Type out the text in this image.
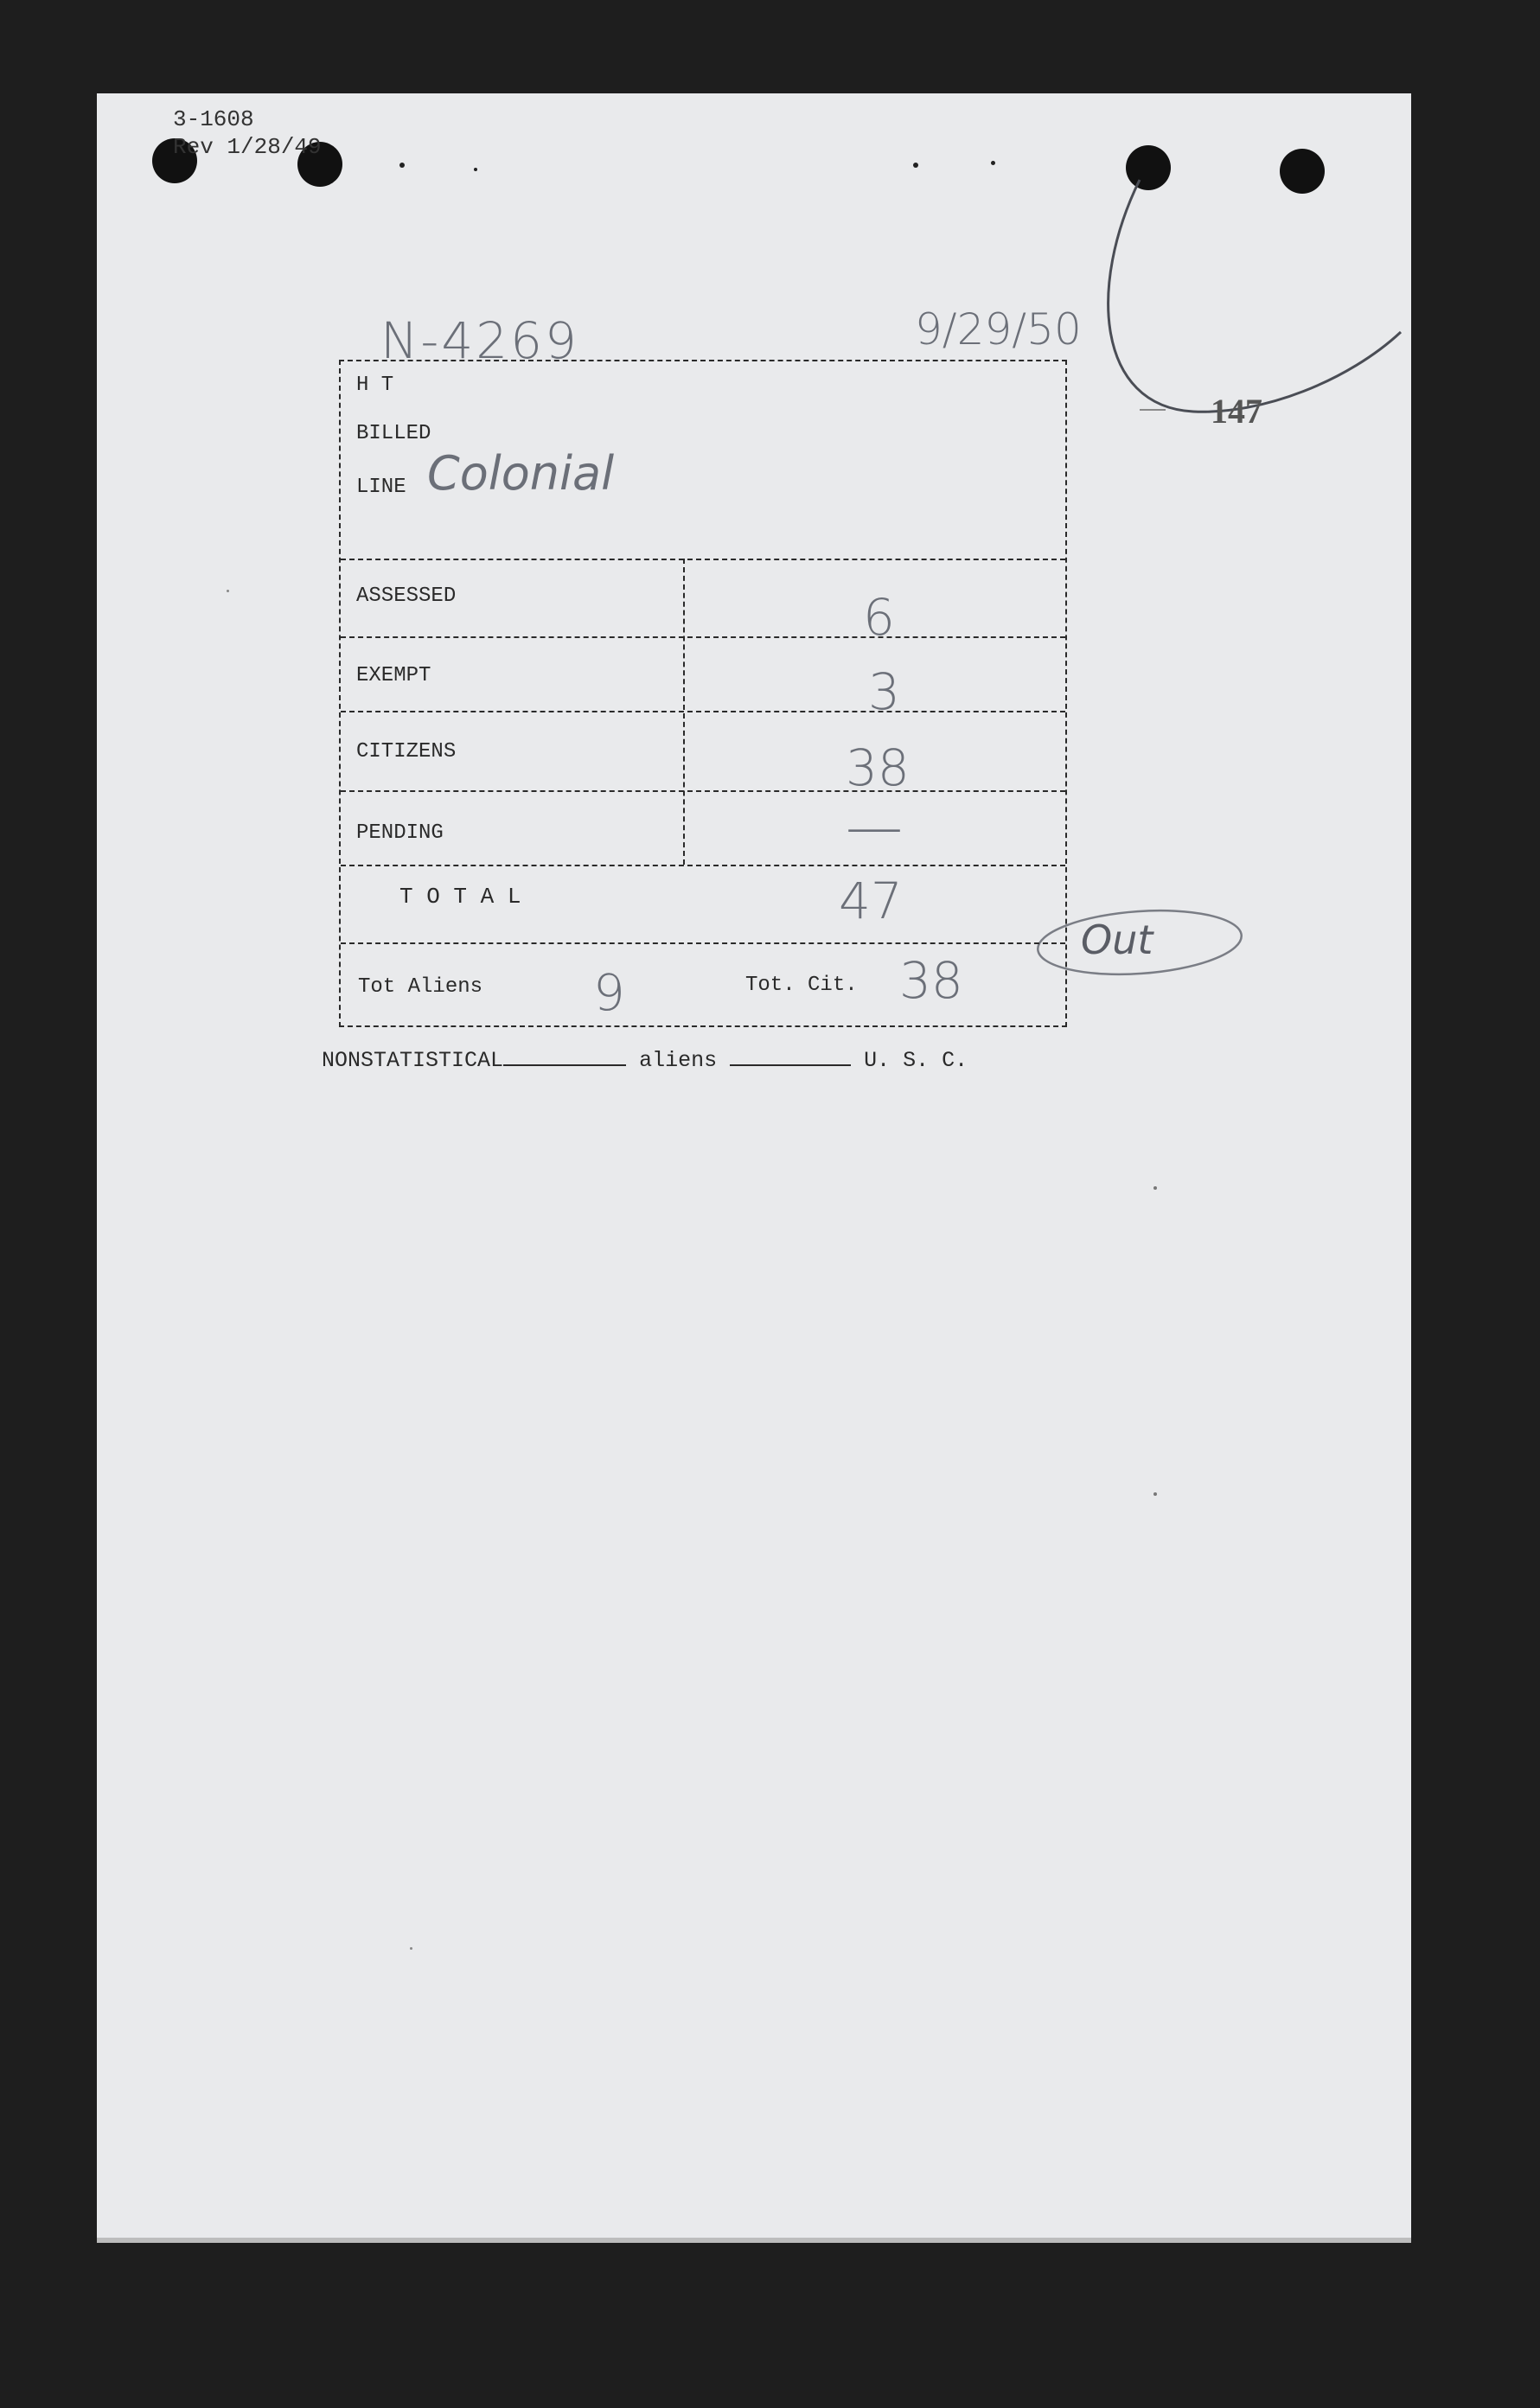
3-1608
Rev 1/28/49
N-4269	9/29/50
147
H T
BILLED
LINE Colonial
ASSESSED	6
EXEMPT	3
CITIZENS	38
PENDING	—
T O T A L	47
Tot Aliens 9	Tot. Cit. 38
Out
NONSTATISTICAL	aliens	U. S. C.
